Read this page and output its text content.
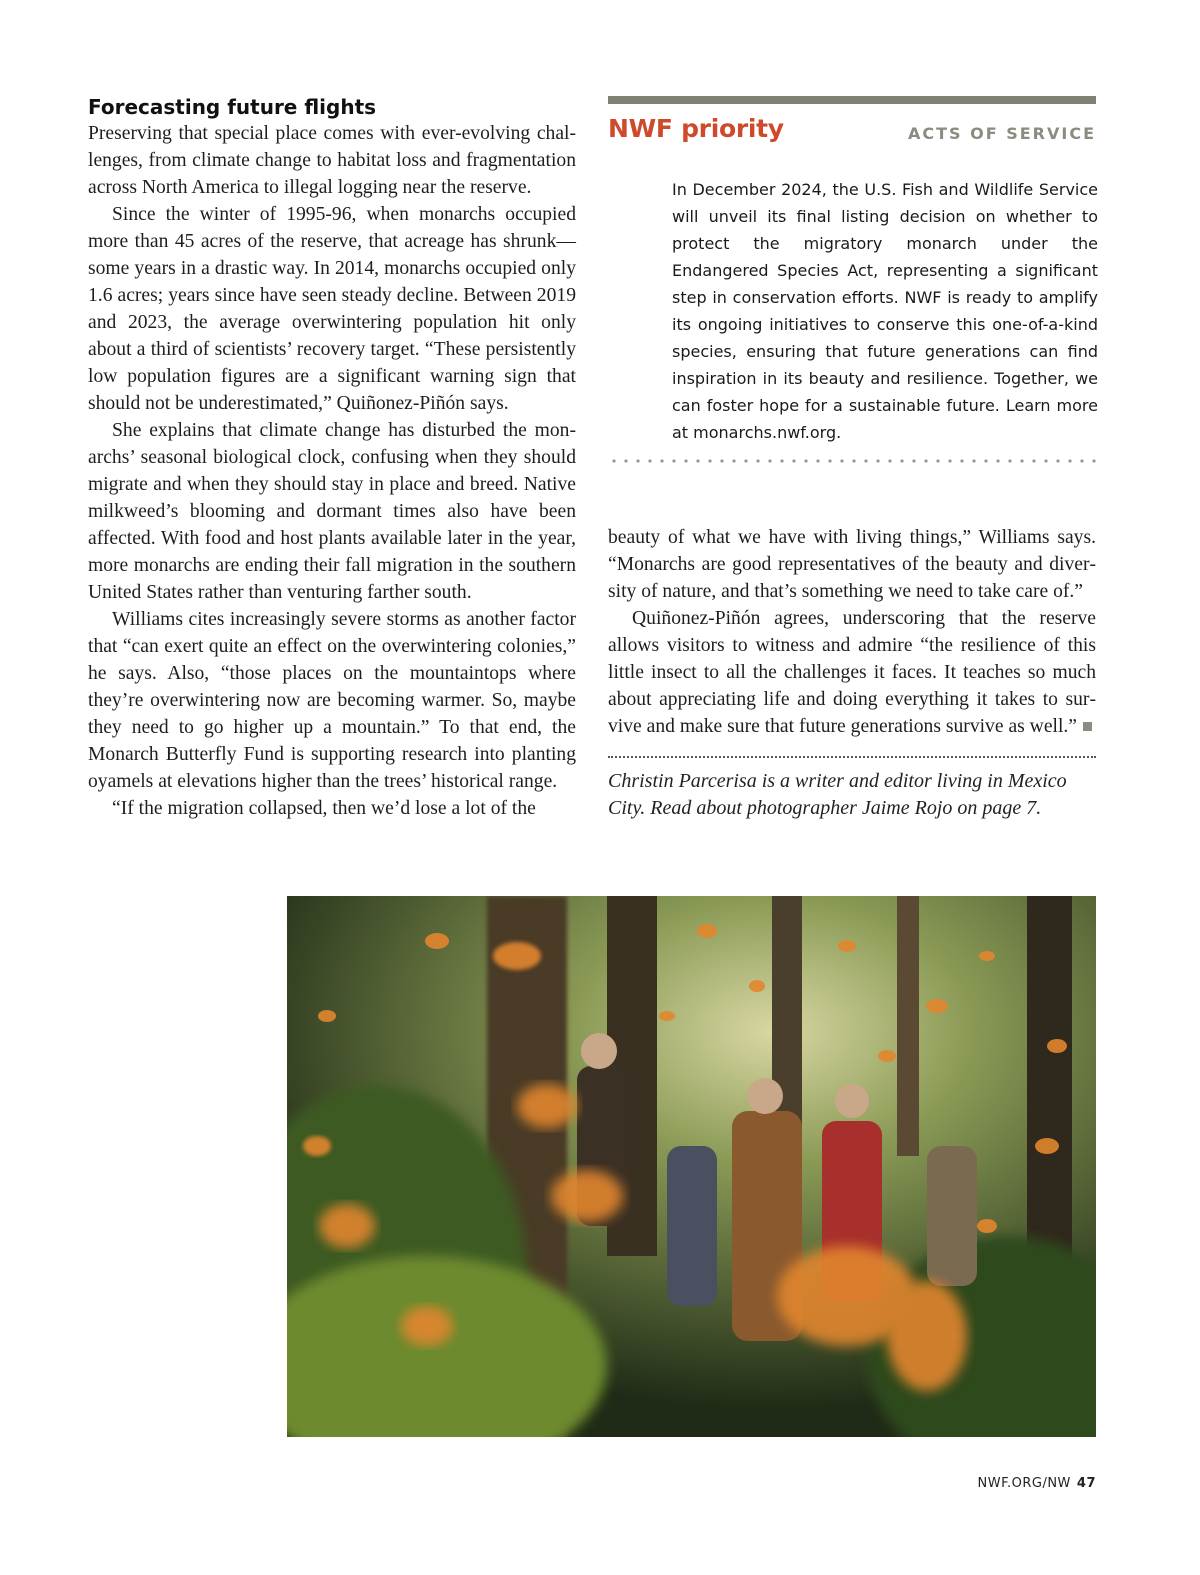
Forecasting future flights

Preserving that special place comes with ever-evolving challenges, from climate change to habitat loss and fragmentation across North America to illegal logging near the reserve.

Since the winter of 1995-96, when monarchs occupied more than 45 acres of the reserve, that acreage has shrunk—some years in a drastic way. In 2014, monarchs occupied only 1.6 acres; years since have seen steady decline. Between 2019 and 2023, the average overwintering population hit only about a third of scientists’ recovery target. “These persistently low population figures are a significant warning sign that should not be underestimated,” Quiñonez-Piñón says.

She explains that climate change has disturbed the monarchs’ seasonal biological clock, confusing when they should migrate and when they should stay in place and breed. Native milkweed’s blooming and dormant times also have been affected. With food and host plants available later in the year, more monarchs are ending their fall migration in the southern United States rather than venturing farther south.

Williams cites increasingly severe storms as another factor that “can exert quite an effect on the overwintering colonies,” he says. Also, “those places on the mountaintops where they’re overwintering now are becoming warmer. So, maybe they need to go higher up a mountain.” To that end, the Monarch Butterfly Fund is supporting research into planting oyamels at elevations higher than the trees’ historical range.

“If the migration collapsed, then we’d lose a lot of the

NWF priority	ACTS OF SERVICE

In December 2024, the U.S. Fish and Wildlife Service will unveil its final listing decision on whether to protect the migratory monarch under the Endangered Species Act, representing a significant step in conservation efforts. NWF is ready to amplify its ongoing initiatives to conserve this one-of-a-kind species, ensuring that future generations can find inspiration in its beauty and resilience. Together, we can foster hope for a sustainable future. Learn more at monarchs.nwf.org.

beauty of what we have with living things,” Williams says. “Monarchs are good representatives of the beauty and diversity of nature, and that’s something we need to take care of.”

Quiñonez-Piñón agrees, underscoring that the reserve allows visitors to witness and admire “the resilience of this little insect to all the challenges it faces. It teaches so much about appreciating life and doing everything it takes to survive and make sure that future generations survive as well.”

Christin Parcerisa is a writer and editor living in Mexico City. Read about photographer Jaime Rojo on page 7.

NWF.ORG/NW 47
